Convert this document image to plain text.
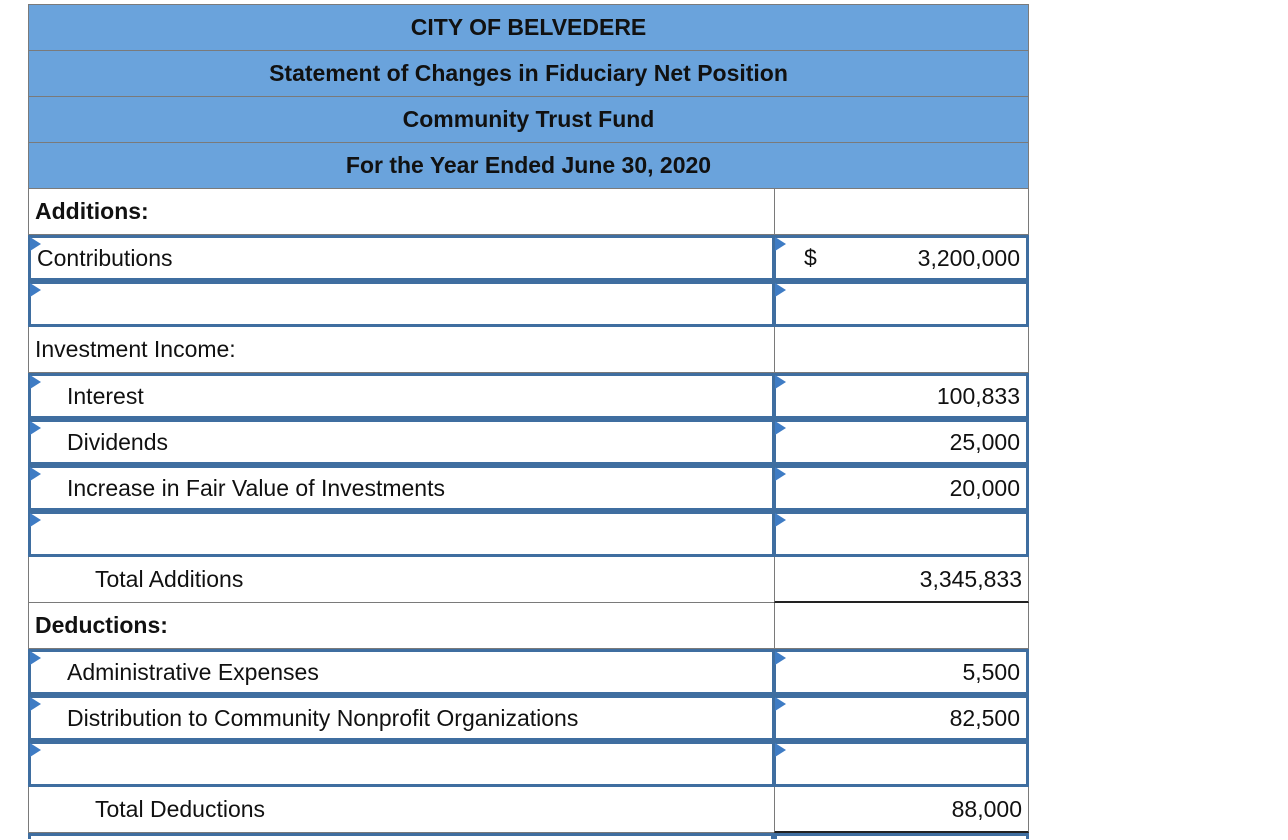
CITY OF BELVEDERE
Statement of Changes in Fiduciary Net Position
Community Trust Fund
For the Year Ended June 30, 2020
Additions:
Contributions	$	3,200,000
Investment Income:
Interest	100,833
Dividends	25,000
Increase in Fair Value of Investments	20,000
Total Additions	3,345,833
Deductions:
Administrative Expenses	5,500
Distribution to Community Nonprofit Organizations	82,500
Total Deductions	88,000
